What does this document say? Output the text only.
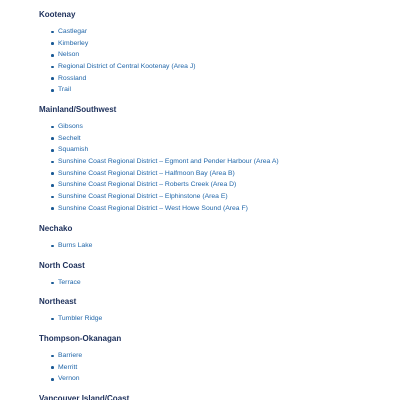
Kootenay
Castlegar
Kimberley
Nelson
Regional District of Central Kootenay (Area J)
Rossland
Trail
Mainland/Southwest
Gibsons
Sechelt
Squamish
Sunshine Coast Regional District – Egmont and Pender Harbour (Area A)
Sunshine Coast Regional District – Halfmoon Bay (Area B)
Sunshine Coast Regional District – Roberts Creek (Area D)
Sunshine Coast Regional District – Elphinstone (Area E)
Sunshine Coast Regional District – West Howe Sound (Area F)
Nechako
Burns Lake
North Coast
Terrace
Northeast
Tumbler Ridge
Thompson-Okanagan
Barriere
Merritt
Vernon
Vancouver Island/Coast
